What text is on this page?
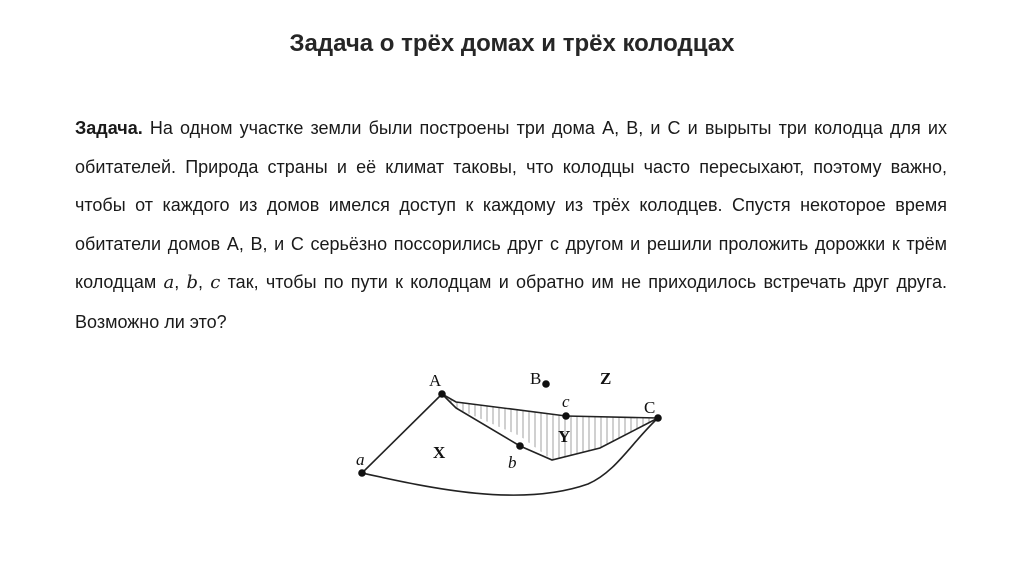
Задача о трёх домах и трёх колодцах
Задача. На одном участке земли были построены три дома А, В, и С и вырыты три колодца для их обитателей. Природа страны и её климат таковы, что колодцы часто пересыхают, поэтому важно, чтобы от каждого из домов имелся доступ к каждому из трёх колодцев. Спустя некоторое время обитатели домов А, В, и С серьёзно поссорились друг с другом и решили проложить дорожки к трём колодцам a, b, c так, чтобы по пути к колодцам и обратно им не приходилось встречать друг друга. Возможно ли это?
A	B
C
a	b
c
X
Y
Z
